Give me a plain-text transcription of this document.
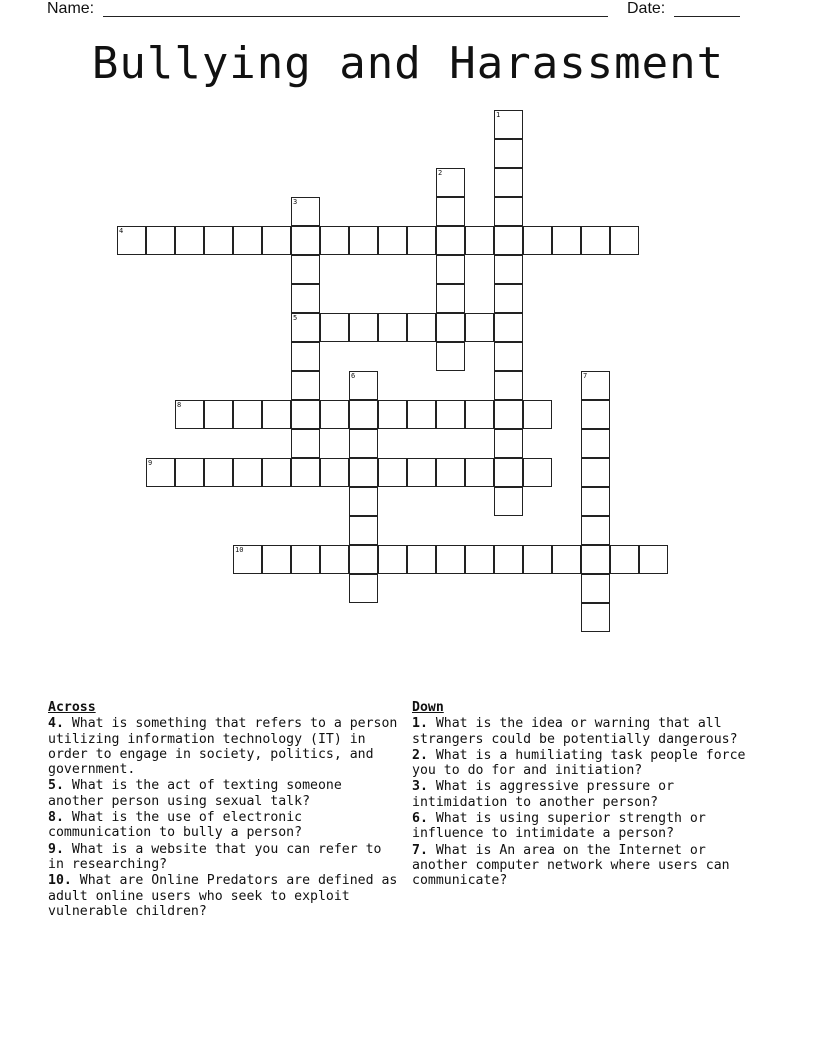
Name:	Date:
Bullying and Harassment
1
2
3
5
4
6	7
8
9
10
Across
4. What is something that refers to a person utilizing information technology (IT) in order to engage in society, politics, and government.
5. What is the act of texting someone another person using sexual talk?
8. What is the use of electronic communication to bully a person?
9. What is a website that you can refer to in researching?
10. What are Online Predators are defined as adult online users who seek to exploit vulnerable children?
Down
1. What is the idea or warning that all strangers could be potentially dangerous?
2. What is a humiliating task people force you to do for and initiation?
3. What is aggressive pressure or intimidation to another person?
6. What is using superior strength or influence to intimidate a person?
7. What is An area on the Internet or another computer network where users can communicate?
